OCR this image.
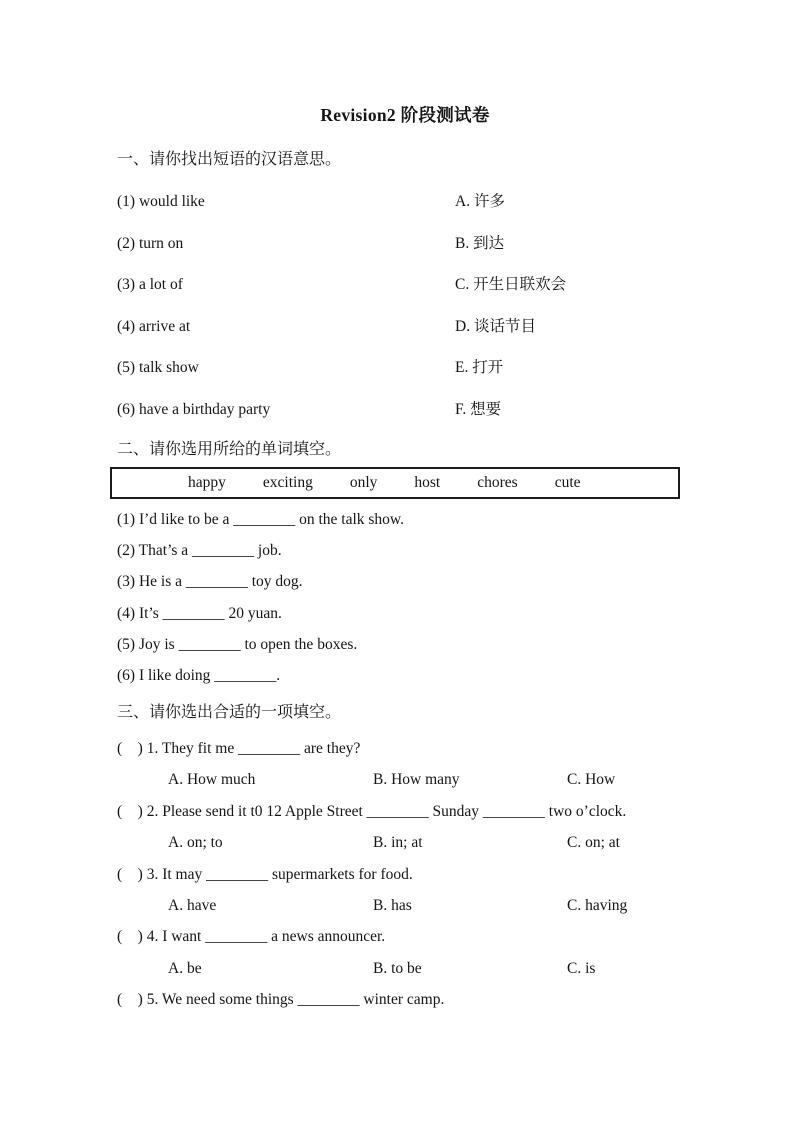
Revision2 阶段测试卷
一、请你找出短语的汉语意思。
(1) would like	A. 许多
(2) turn on	B. 到达
(3) a lot of	C. 开生日联欢会
(4) arrive at	D. 谈话节目
(5) talk show	E. 打开
(6) have a birthday party	F. 想要
二、请你选用所给的单词填空。
happy exciting only host chores cute
(1) I’d like to be a ________ on the talk show.
(2) That’s a ________ job.
(3) He is a ________ toy dog.
(4) It’s ________ 20 yuan.
(5) Joy is ________ to open the boxes.
(6) I like doing ________.
三、请你选出合适的一项填空。
(　) 1. They fit me ________ are they?
A. How much	B. How many	C. How
(　) 2. Please send it t0 12 Apple Street ________ Sunday ________ two o’clock.
A. on; to	B. in; at	C. on; at
(　) 3. It may ________ supermarkets for food.
A. have	B. has	C. having
(　) 4. I want ________ a news announcer.
A. be	B. to be	C. is
(　) 5. We need some things ________ winter camp.
